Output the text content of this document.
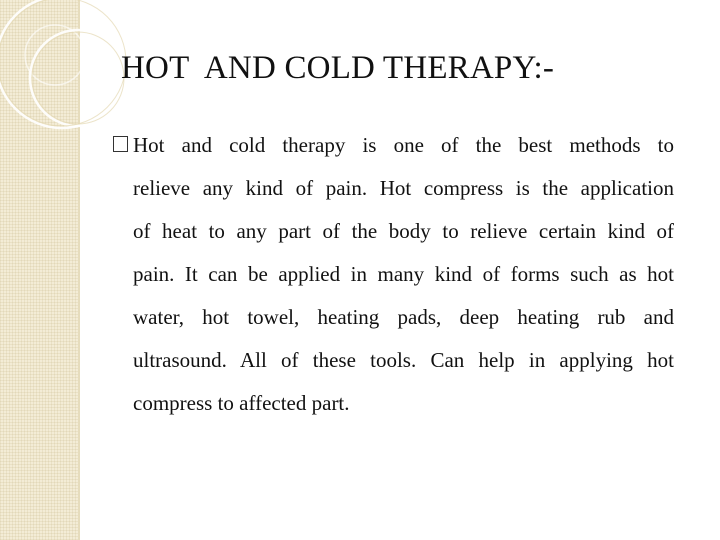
HOT  AND COLD THERAPY:-
Hot and cold therapy is one of the best methods to
relieve any kind of pain. Hot compress is the application
of heat to any part of the body to relieve certain kind of
pain. It can be applied in many kind of forms such as hot
water, hot towel, heating pads, deep heating rub and
ultrasound. All of these tools. Can help in applying hot
compress to affected part.
